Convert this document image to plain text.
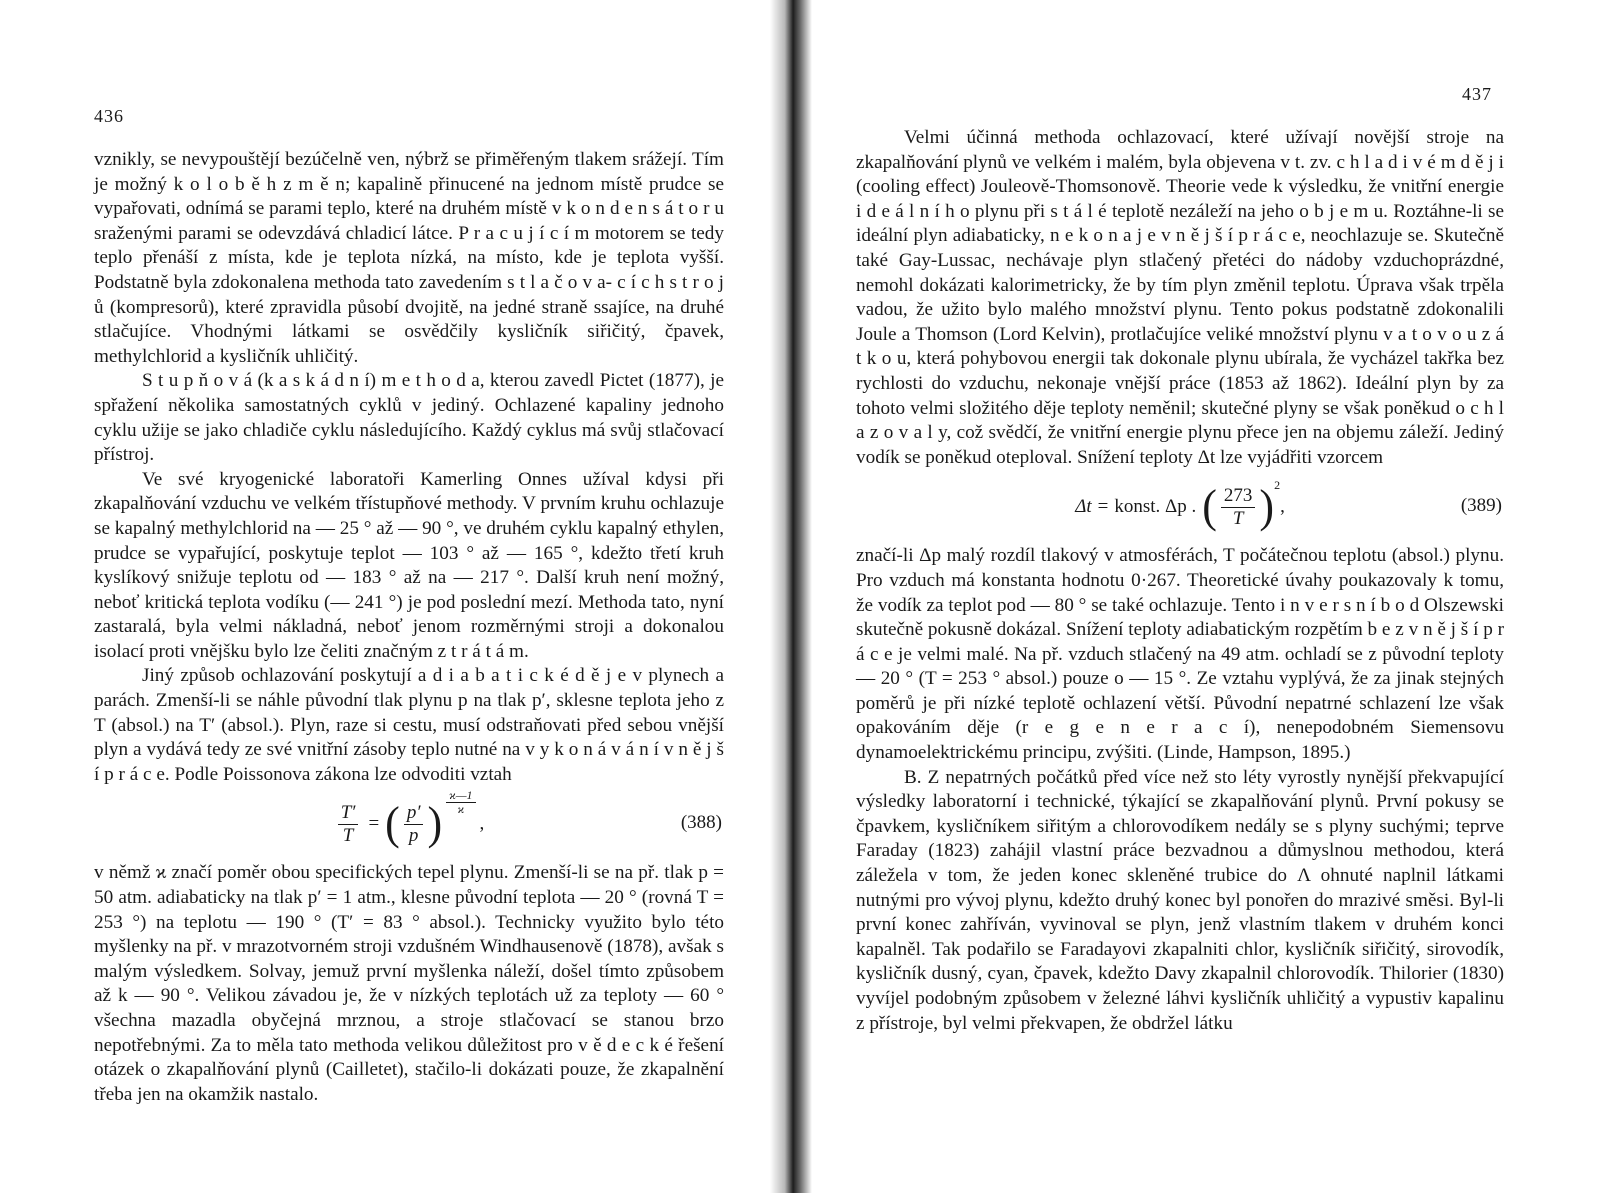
436

vznikly, se nevypouštějí bezúčelně ven, nýbrž se přiměřeným tlakem srážejí. Tím je možný k o l o b ě h z m ě n; kapalině přinucené na jednom místě prudce se vypařovati, odnímá se parami teplo, které na druhém místě v k o n d e n s á t o r u sraženými parami se odevzdává chladicí látce. P r a c u j í c í m motorem se tedy teplo přenáší z místa, kde je teplota nízká, na místo, kde je teplota vyšší. Podstatně byla zdokonalena methoda tato zavedením s t l a č o v a- c í c h s t r o j ů (kompresorů), které zpravidla působí dvojitě, na jedné straně ssajíce, na druhé stlačujíce. Vhodnými látkami se osvědčily kysličník siřičitý, čpavek, methylchlorid a kysličník uhličitý.

S t u p ň o v á (k a s k á d n í) m e t h o d a, kterou zavedl Pictet (1877), je spřažení několika samostatných cyklů v jediný. Ochlazené kapaliny jednoho cyklu užije se jako chladiče cyklu následujícího. Každý cyklus má svůj stlačovací přístroj.

Ve své kryogenické laboratoři Kamerling Onnes užíval kdysi při zkapalňování vzduchu ve velkém třístupňové methody. V prvním kruhu ochlazuje se kapalný methylchlorid na — 25 ° až — 90 °, ve druhém cyklu kapalný ethylen, prudce se vypařující, poskytuje teplot — 103 ° až — 165 °, kdežto třetí kruh kyslíkový snižuje teplotu od — 183 ° až na — 217 °. Další kruh není možný, neboť kritická teplota vodíku (— 241 °) je pod poslední mezí. Methoda tato, nyní zastaralá, byla velmi nákladná, neboť jenom rozměrnými stroji a dokonalou isolací proti vnějšku bylo lze čeliti značným z t r á t á m.

Jiný způsob ochlazování poskytují a d i a b a t i c k é d ě j e v plynech a parách. Zmenší-li se náhle původní tlak plynu p na tlak p′, sklesne teplota jeho z T (absol.) na T′ (absol.). Plyn, raze si cestu, musí odstraňovati před sebou vnější plyn a vydává tedy ze své vnitřní zásoby teplo nutné na v y k o n á v á n í v n ě j š í p r á c e. Podle Poissonova zákona lze odvoditi vztah

$\frac{T'}{T}$ = ( $\frac{p'}{p}$ ) $\frac{ϰ—1}{ϰ}$
,	(388)

v němž ϰ značí poměr obou specifických tepel plynu. Zmenší-li se na př. tlak p = 50 atm. adiabaticky na tlak p′ = 1 atm., klesne původní teplota — 20 ° (rovná T = 253 °) na teplotu — 190 ° (T′ = 83 ° absol.). Technicky využito bylo této myšlenky na př. v mrazotvorném stroji vzdušném Windhausenově (1878), avšak s malým výsledkem. Solvay, jemuž první myšlenka náleží, došel tímto způsobem až k — 90 °. Velikou závadou je, že v nízkých teplotách už za teploty — 60 ° všechna mazadla obyčejná mrznou, a stroje stlačovací se stanou brzo nepotřebnými. Za to měla tato methoda velikou důležitost pro v ě d e c k é řešení otázek o zkapalňování plynů (Cailletet), stačilo-li dokázati pouze, že zkapalnění třeba jen na okamžik nastalo.

437

Velmi účinná methoda ochlazovací, které užívají novější stroje na zkapalňování plynů ve velkém i malém, byla objevena v t. zv. c h l a d i v é m d ě j i (cooling effect) Jouleově-Thomsonově. Theorie vede k výsledku, že vnitřní energie i d e á l n í h o plynu při s t á l é teplotě nezáleží na jeho o b j e m u. Roztáhne-li se ideální plyn adiabaticky, n e k o n a j e v n ě j š í p r á c e, neochlazuje se. Skutečně také Gay-Lussac, nechávaje plyn stlačený přetéci do nádoby vzduchoprázdné, nemohl dokázati kalorimetricky, že by tím plyn změnil teplotu. Úprava však trpěla vadou, že užito bylo malého množství plynu. Tento pokus podstatně zdokonalili Joule a Thomson (Lord Kelvin), protlačujíce veliké množství plynu v a t o v o u z á t k o u, která pohybovou energii tak dokonale plynu ubírala, že vycházel takřka bez rychlosti do vzduchu, nekonaje vnější práce (1853 až 1862). Ideální plyn by za tohoto velmi složitého děje teploty neměnil; skutečné plyny se však poněkud o c h l a z o v a l y, což svědčí, že vnitřní energie plynu přece jen na objemu záleží. Jediný vodík se poněkud oteploval. Snížení teploty Δt lze vyjádřiti vzorcem

Δt = konst. Δp . ( $\frac{273}{T}$ ) 2
,	(389)

značí-li Δp malý rozdíl tlakový v atmosférách, T počátečnou teplotu (absol.) plynu. Pro vzduch má konstanta hodnotu 0·267. Theoretické úvahy poukazovaly k tomu, že vodík za teplot pod — 80 ° se také ochlazuje. Tento i n v e r s n í b o d Olszewski skutečně pokusně dokázal. Snížení teploty adiabatickým rozpětím b e z v n ě j š í p r á c e je velmi malé. Na př. vzduch stlačený na 49 atm. ochladí se z původní teploty — 20 ° (T = 253 ° absol.) pouze o — 15 °. Ze vztahu vyplývá, že za jinak stejných poměrů je při nízké teplotě ochlazení větší. Původní nepatrné schlazení lze však opakováním děje (r e g e n e r a c í), nenepodobném Siemensovu dynamoelektrickému principu, zvýšiti. (Linde, Hampson, 1895.)

B. Z nepatrných počátků před více než sto léty vyrostly nynější překvapující výsledky laboratorní i technické, týkající se zkapalňování plynů. První pokusy se čpavkem, kysličníkem siřitým a chlorovodíkem nedály se s plyny suchými; teprve Faraday (1823) zahájil vlastní práce bezvadnou a důmyslnou methodou, která záležela v tom, že jeden konec skleněné trubice do Λ ohnuté naplnil látkami nutnými pro vývoj plynu, kdežto druhý konec byl ponořen do mrazivé směsi. Byl-li první konec zahříván, vyvinoval se plyn, jenž vlastním tlakem v druhém konci kapalněl. Tak podařilo se Faradayovi zkapalniti chlor, kysličník siřičitý, sirovodík, kysličník dusný, cyan, čpavek, kdežto Davy zkapalnil chlorovodík. Thilorier (1830) vyvíjel podobným způsobem v železné láhvi kysličník uhličitý a vypustiv kapalinu z přístroje, byl velmi překvapen, že obdržel látku
